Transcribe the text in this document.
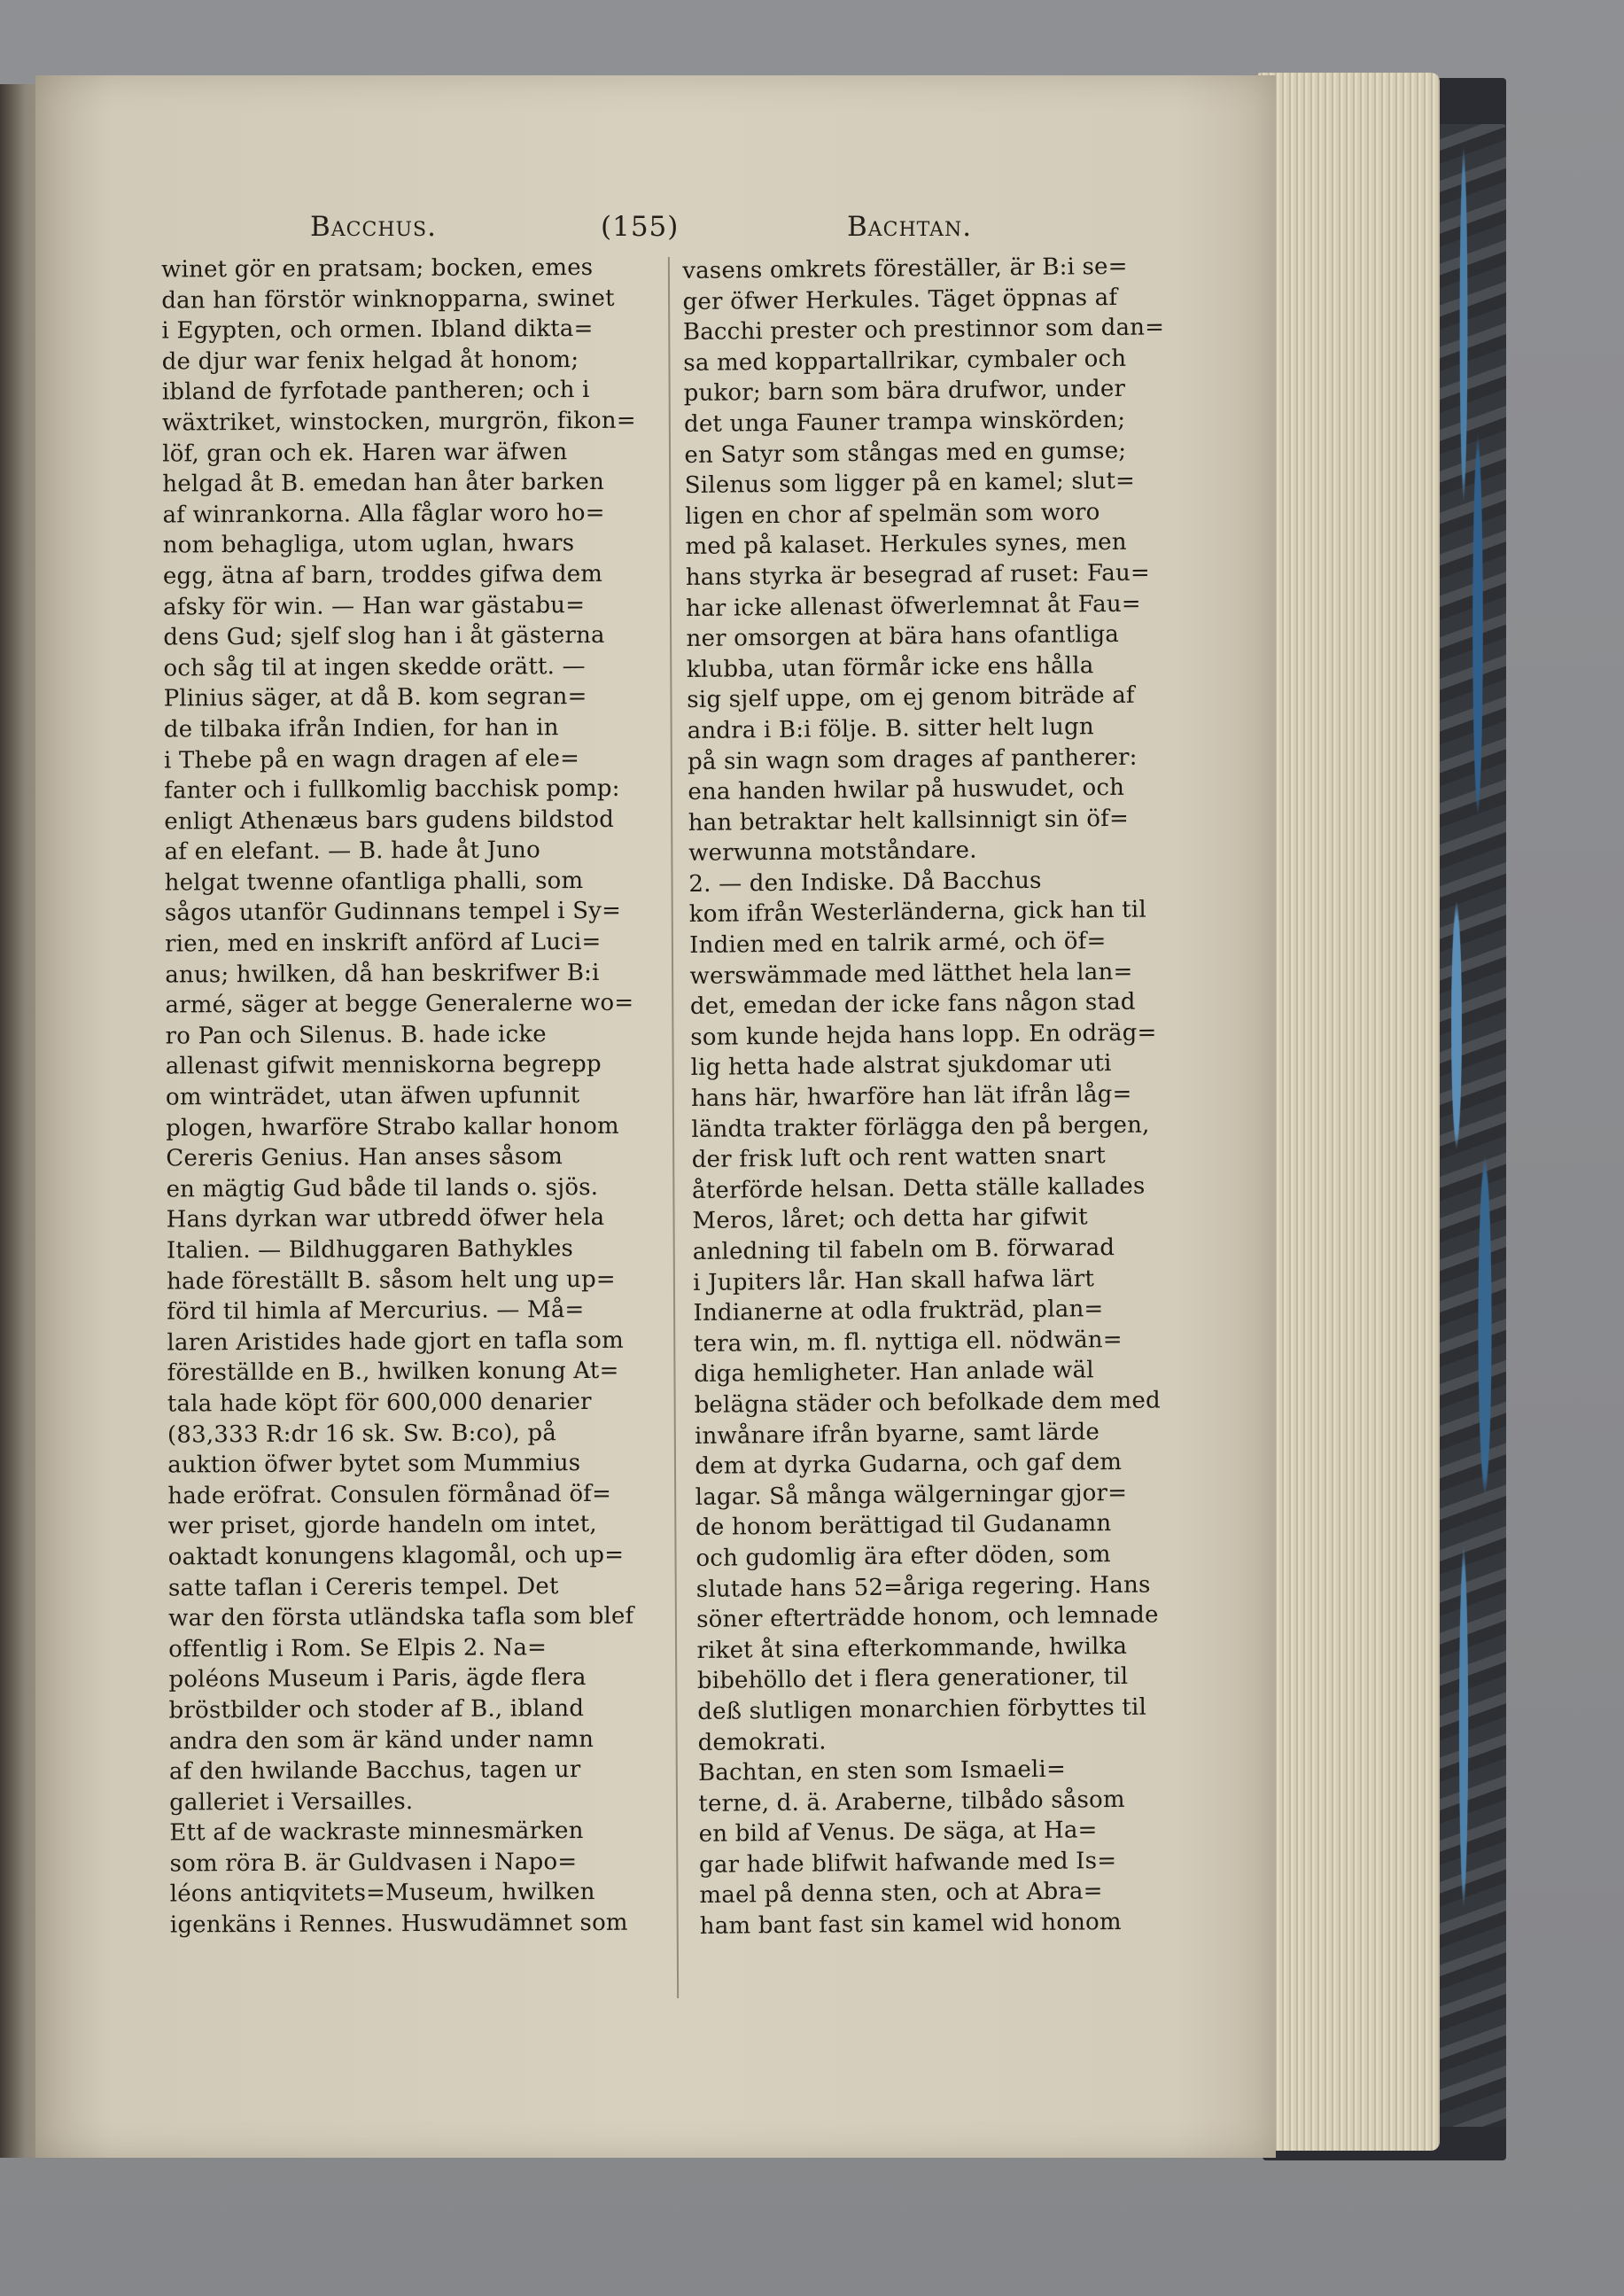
Bacchus.	(155)	Bachtan.
winet gör en pratsam; bocken, emes
dan han förstör winknopparna, swinet
i Egypten, och ormen. Ibland dikta=
de djur war fenix helgad åt honom;
ibland de fyrfotade pantheren; och i
wäxtriket, winstocken, murgrön, fikon=
löf, gran och ek. Haren war äfwen
helgad åt B. emedan han åter barken
af winrankorna. Alla fåglar woro ho=
nom behagliga, utom uglan, hwars
egg, ätna af barn, troddes gifwa dem
afsky för win. — Han war gästabu=
dens Gud; sjelf slog han i åt gästerna
och såg til at ingen skedde orätt. —
Plinius säger, at då B. kom segran=
de tilbaka ifrån Indien, for han in
i Thebe på en wagn dragen af ele=
fanter och i fullkomlig bacchisk pomp:
enligt Athenæus bars gudens bildstod
af en elefant. — B. hade åt Juno
helgat twenne ofantliga phalli, som
sågos utanför Gudinnans tempel i Sy=
rien, med en inskrift anförd af Luci=
anus; hwilken, då han beskrifwer B:i
armé, säger at begge Generalerne wo=
ro Pan och Silenus. B. hade icke
allenast gifwit menniskorna begrepp
om winträdet, utan äfwen upfunnit
plogen, hwarföre Strabo kallar honom
Cereris Genius. Han anses såsom
en mägtig Gud både til lands o. sjös.
Hans dyrkan war utbredd öfwer hela
Italien. — Bildhuggaren Bathykles
hade föreställt B. såsom helt ung up=
förd til himla af Mercurius. — Må=
laren Aristides hade gjort en tafla som
föreställde en B., hwilken konung At=
tala hade köpt för 600,000 denarier
(83,333 R:dr 16 sk. Sw. B:co), på
auktion öfwer bytet som Mummius
hade eröfrat. Consulen förmånad öf=
wer priset, gjorde handeln om intet,
oaktadt konungens klagomål, och up=
satte taflan i Cereris tempel. Det
war den första utländska tafla som blef
offentlig i Rom. Se Elpis 2. Na=
poléons Museum i Paris, ägde flera
bröstbilder och stoder af B., ibland
andra den som är känd under namn
af den hwilande Bacchus, tagen ur
galleriet i Versailles.
Ett af de wackraste minnesmärken
som röra B. är Guldvasen i Napo=
léons antiqvitets=Museum, hwilken
igenkäns i Rennes. Huswudämnet som
vasens omkrets föreställer, är B:i se=
ger öfwer Herkules. Täget öppnas af
Bacchi prester och prestinnor som dan=
sa med koppartallrikar, cymbaler och
pukor; barn som bära drufwor, under
det unga Fauner trampa winskörden;
en Satyr som stångas med en gumse;
Silenus som ligger på en kamel; slut=
ligen en chor af spelmän som woro
med på kalaset. Herkules synes, men
hans styrka är besegrad af ruset: Fau=
har icke allenast öfwerlemnat åt Fau=
ner omsorgen at bära hans ofantliga
klubba, utan förmår icke ens hålla
sig sjelf uppe, om ej genom biträde af
andra i B:i följe. B. sitter helt lugn
på sin wagn som drages af pantherer:
ena handen hwilar på huswudet, och
han betraktar helt kallsinnigt sin öf=
werwunna motståndare.
2. — den Indiske. Då Bacchus
kom ifrån Westerländerna, gick han til
Indien med en talrik armé, och öf=
werswämmade med lätthet hela lan=
det, emedan der icke fans någon stad
som kunde hejda hans lopp. En odräg=
lig hetta hade alstrat sjukdomar uti
hans här, hwarföre han lät ifrån låg=
ländta trakter förlägga den på bergen,
der frisk luft och rent watten snart
återförde helsan. Detta ställe kallades
Meros, låret; och detta har gifwit
anledning til fabeln om B. förwarad
i Jupiters lår. Han skall hafwa lärt
Indianerne at odla frukträd, plan=
tera win, m. fl. nyttiga ell. nödwän=
diga hemligheter. Han anlade wäl
belägna städer och befolkade dem med
inwånare ifrån byarne, samt lärde
dem at dyrka Gudarna, och gaf dem
lagar. Så många wälgerningar gjor=
de honom berättigad til Gudanamn
och gudomlig ära efter döden, som
slutade hans 52=åriga regering. Hans
söner efterträdde honom, och lemnade
riket åt sina efterkommande, hwilka
bibehöllo det i flera generationer, til
deß slutligen monarchien förbyttes til
demokrati.
Bachtan, en sten som Ismaeli=
terne, d. ä. Araberne, tilbådo såsom
en bild af Venus. De säga, at Ha=
gar hade blifwit hafwande med Is=
mael på denna sten, och at Abra=
ham bant fast sin kamel wid honom
